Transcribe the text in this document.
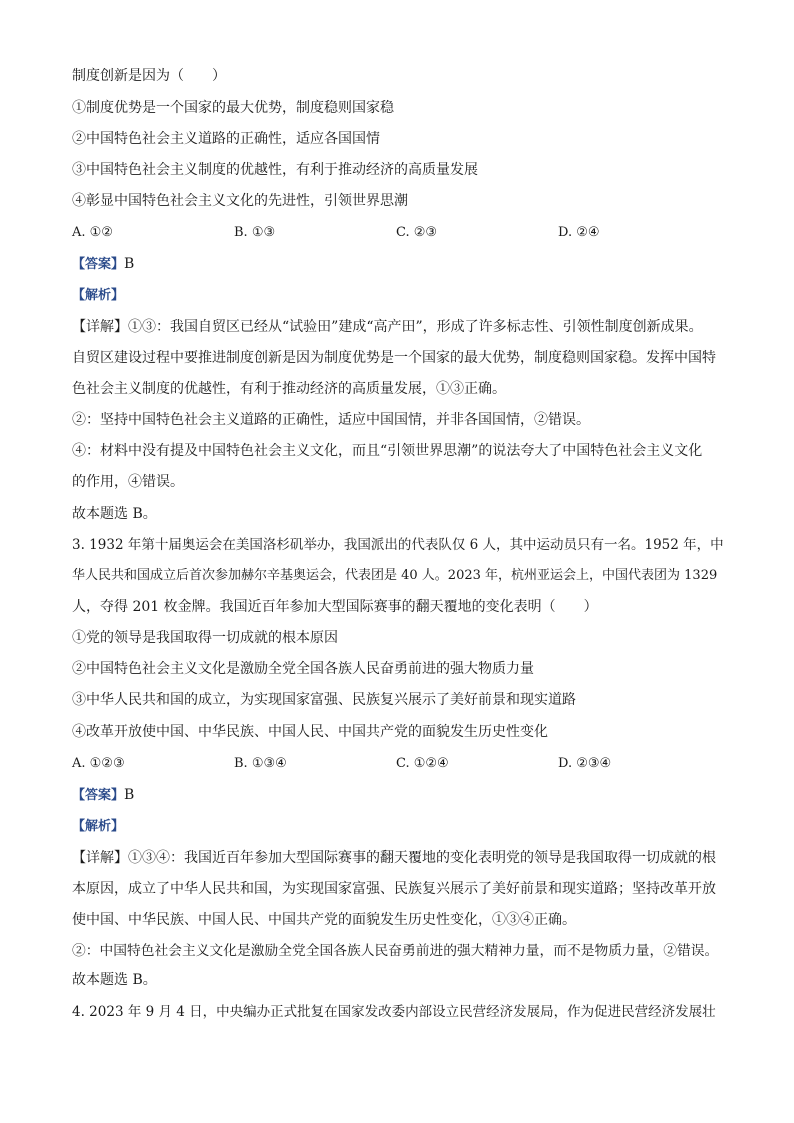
制度创新是因为（　　）
①制度优势是一个国家的最大优势，制度稳则国家稳
②中国特色社会主义道路的正确性，适应各国国情
③中国特色社会主义制度的优越性，有利于推动经济的高质量发展
④彰显中国特色社会主义文化的先进性，引领世界思潮
A. ①②	B. ①③	C. ②③	D. ②④
【答案】B
【解析】
【详解】①③：我国自贸区已经从“试验田”建成“高产田”，形成了许多标志性、引领性制度创新成果。
自贸区建设过程中要推进制度创新是因为制度优势是一个国家的最大优势，制度稳则国家稳。发挥中国特
色社会主义制度的优越性，有利于推动经济的高质量发展，①③正确。
②：坚持中国特色社会主义道路的正确性，适应中国国情，并非各国国情，②错误。
④：材料中没有提及中国特色社会主义文化，而且“引领世界思潮”的说法夸大了中国特色社会主义文化
的作用，④错误。
故本题选 B。
3. 1932 年第十届奥运会在美国洛杉矶举办，我国派出的代表队仅 6 人，其中运动员只有一名。1952 年，中
华人民共和国成立后首次参加赫尔辛基奥运会，代表团是 40 人。2023 年，杭州亚运会上，中国代表团为 1329
人，夺得 201 枚金牌。我国近百年参加大型国际赛事的翻天覆地的变化表明（　　）
①党的领导是我国取得一切成就的根本原因
②中国特色社会主义文化是激励全党全国各族人民奋勇前进的强大物质力量
③中华人民共和国的成立，为实现国家富强、民族复兴展示了美好前景和现实道路
④改革开放使中国、中华民族、中国人民、中国共产党的面貌发生历史性变化
A. ①②③	B. ①③④	C. ①②④	D. ②③④
【答案】B
【解析】
【详解】①③④：我国近百年参加大型国际赛事的翻天覆地的变化表明党的领导是我国取得一切成就的根
本原因，成立了中华人民共和国，为实现国家富强、民族复兴展示了美好前景和现实道路；坚持改革开放
使中国、中华民族、中国人民、中国共产党的面貌发生历史性变化，①③④正确。
②：中国特色社会主义文化是激励全党全国各族人民奋勇前进的强大精神力量，而不是物质力量，②错误。
故本题选 B。
4. 2023 年 9 月 4 日，中央编办正式批复在国家发改委内部设立民营经济发展局，作为促进民营经济发展壮
